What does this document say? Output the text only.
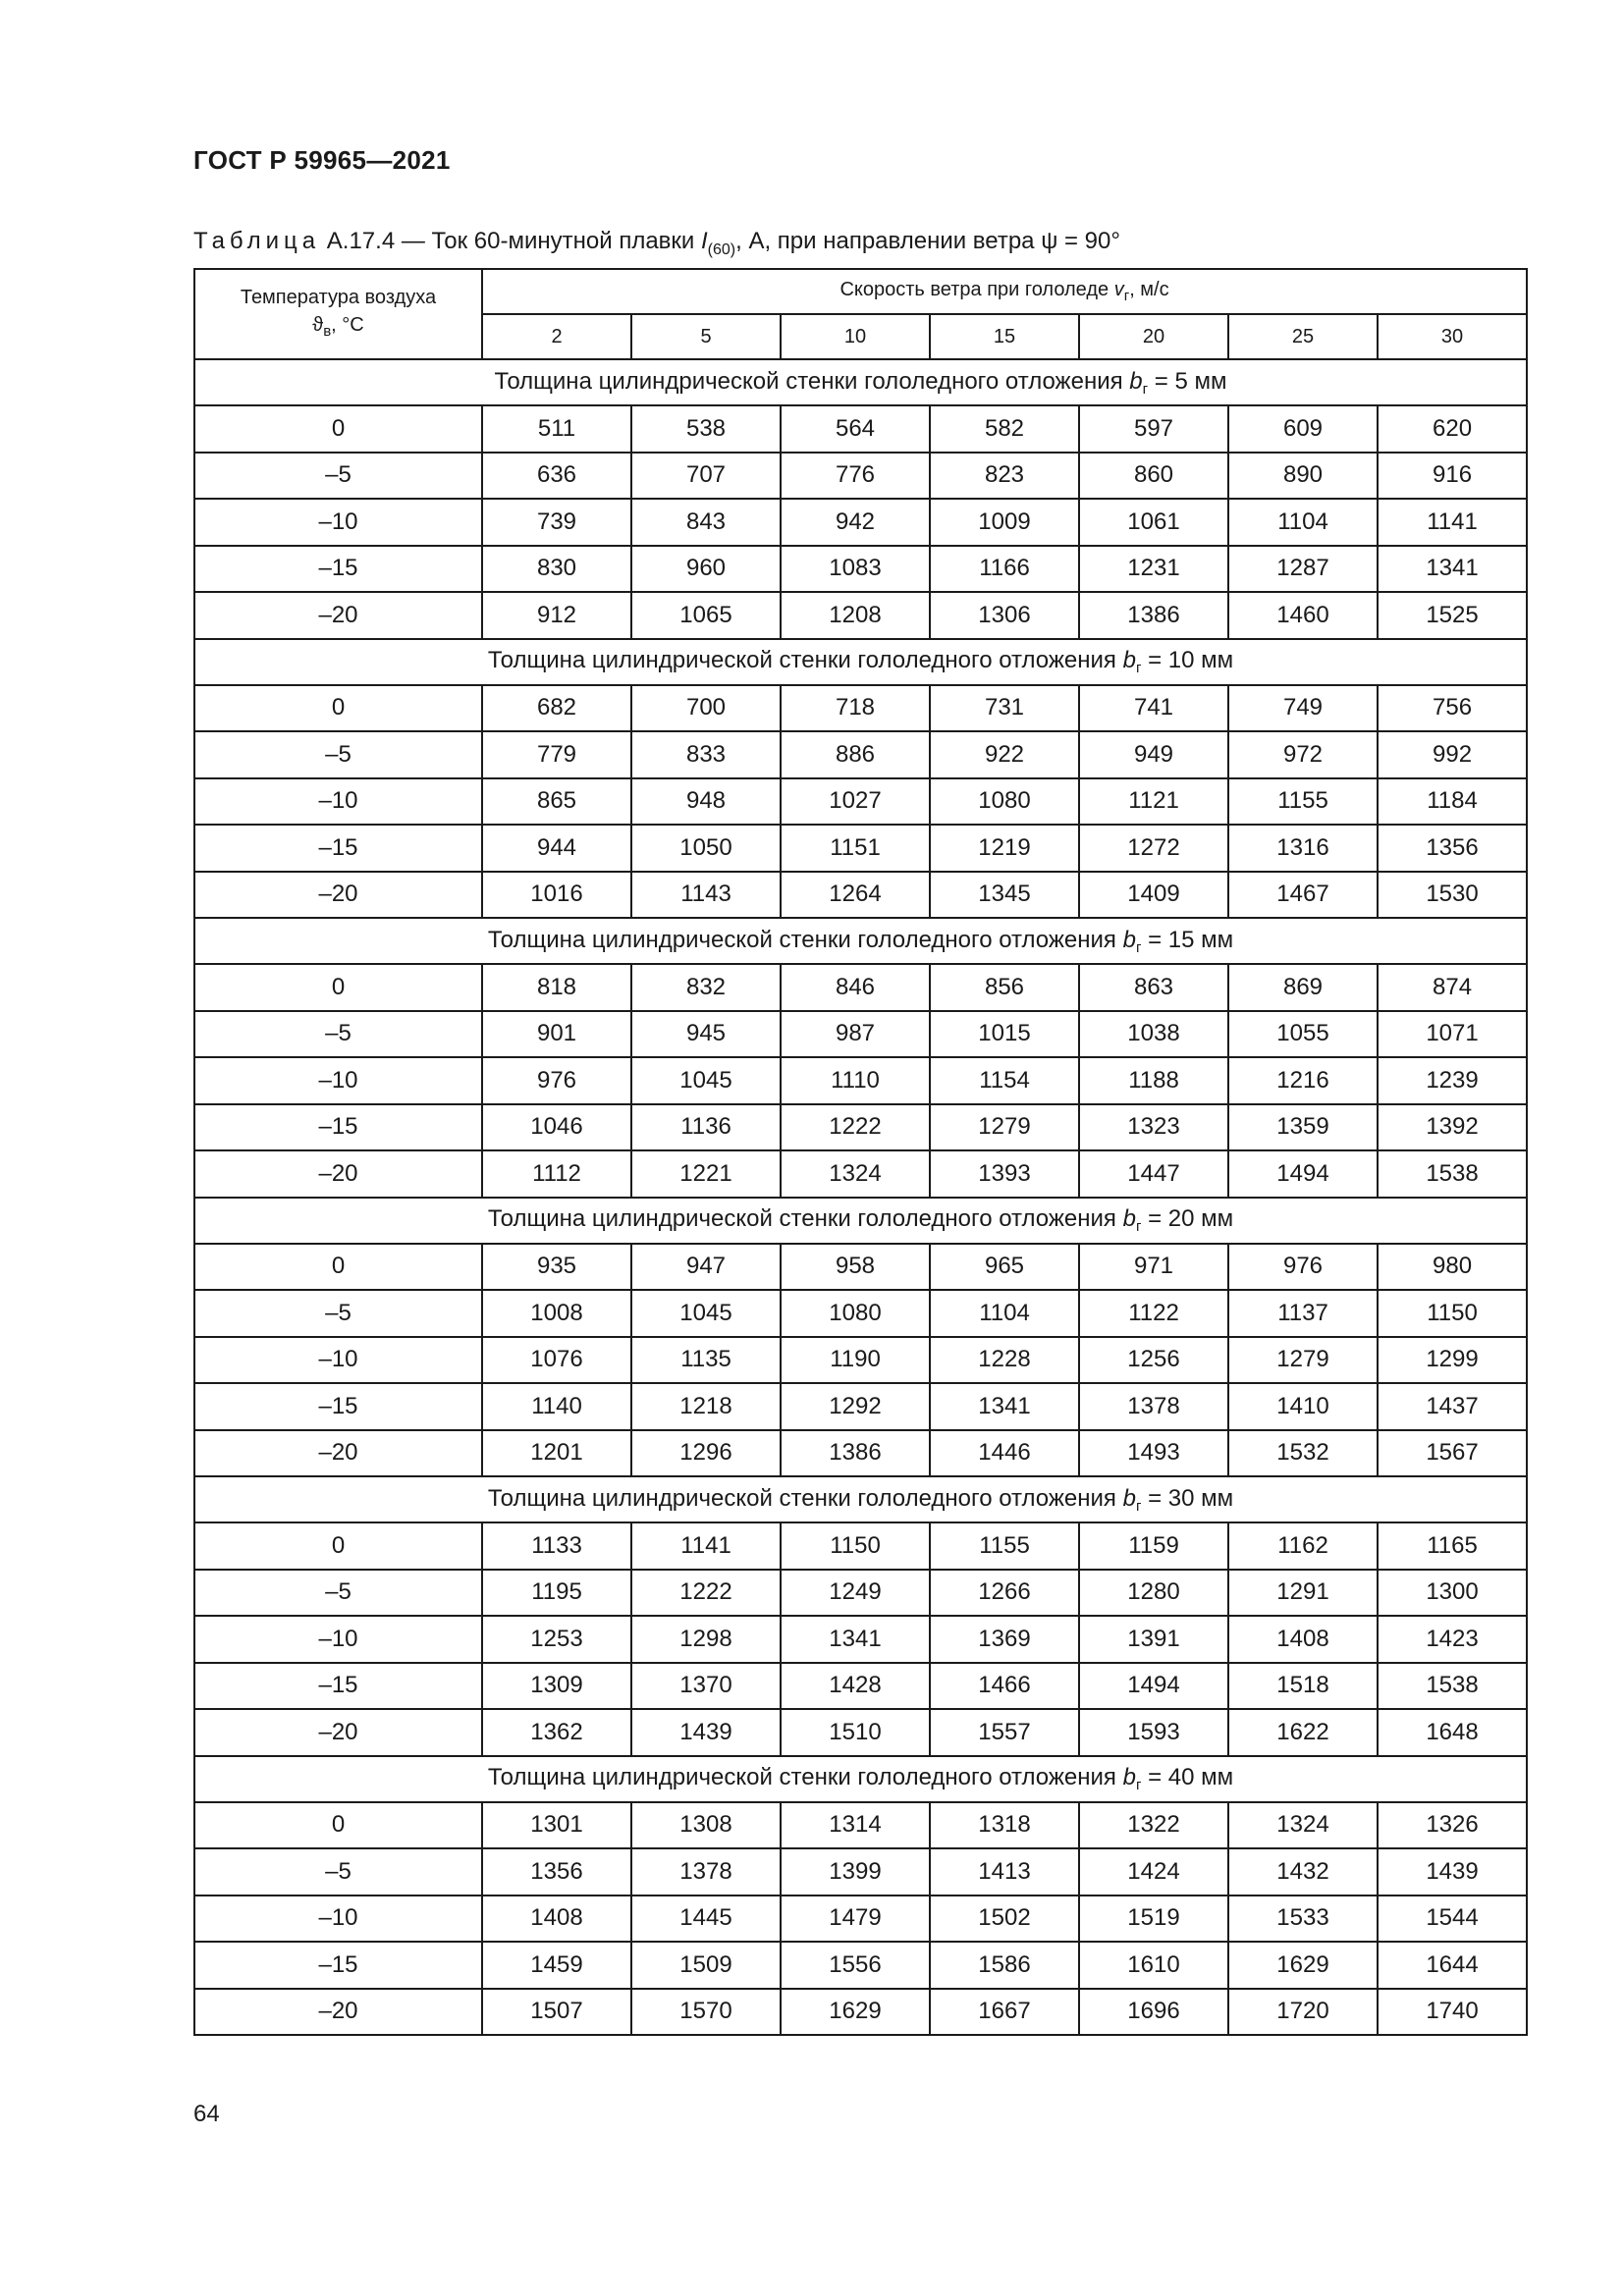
ГОСТ Р 59965—2021
Таблица А.17.4 — Ток 60-минутной плавки $I_{(60)}$, А, при направлении ветра ψ = 90°
Температура воздуха
$ϑ_в$, °C	Скорость ветра при гололеде $v_г$, м/с						
	2	5	10	15	20	25	30
Толщина цилиндрической стенки гололедного отложения $b_г = 5$ мм							
0	511	538	564	582	597	609	620
–5	636	707	776	823	860	890	916
–10	739	843	942	1009	1061	1104	1141
–15	830	960	1083	1166	1231	1287	1341
–20	912	1065	1208	1306	1386	1460	1525
Толщина цилиндрической стенки гололедного отложения $b_г = 10$ мм							
0	682	700	718	731	741	749	756
–5	779	833	886	922	949	972	992
–10	865	948	1027	1080	1121	1155	1184
–15	944	1050	1151	1219	1272	1316	1356
–20	1016	1143	1264	1345	1409	1467	1530
Толщина цилиндрической стенки гололедного отложения $b_г = 15$ мм							
0	818	832	846	856	863	869	874
–5	901	945	987	1015	1038	1055	1071
–10	976	1045	1110	1154	1188	1216	1239
–15	1046	1136	1222	1279	1323	1359	1392
–20	1112	1221	1324	1393	1447	1494	1538
Толщина цилиндрической стенки гололедного отложения $b_г = 20$ мм							
0	935	947	958	965	971	976	980
–5	1008	1045	1080	1104	1122	1137	1150
–10	1076	1135	1190	1228	1256	1279	1299
–15	1140	1218	1292	1341	1378	1410	1437
–20	1201	1296	1386	1446	1493	1532	1567
Толщина цилиндрической стенки гололедного отложения $b_г = 30$ мм							
0	1133	1141	1150	1155	1159	1162	1165
–5	1195	1222	1249	1266	1280	1291	1300
–10	1253	1298	1341	1369	1391	1408	1423
–15	1309	1370	1428	1466	1494	1518	1538
–20	1362	1439	1510	1557	1593	1622	1648
Толщина цилиндрической стенки гололедного отложения $b_г = 40$ мм							
0	1301	1308	1314	1318	1322	1324	1326
–5	1356	1378	1399	1413	1424	1432	1439
–10	1408	1445	1479	1502	1519	1533	1544
–15	1459	1509	1556	1586	1610	1629	1644
–20	1507	1570	1629	1667	1696	1720	1740
64
